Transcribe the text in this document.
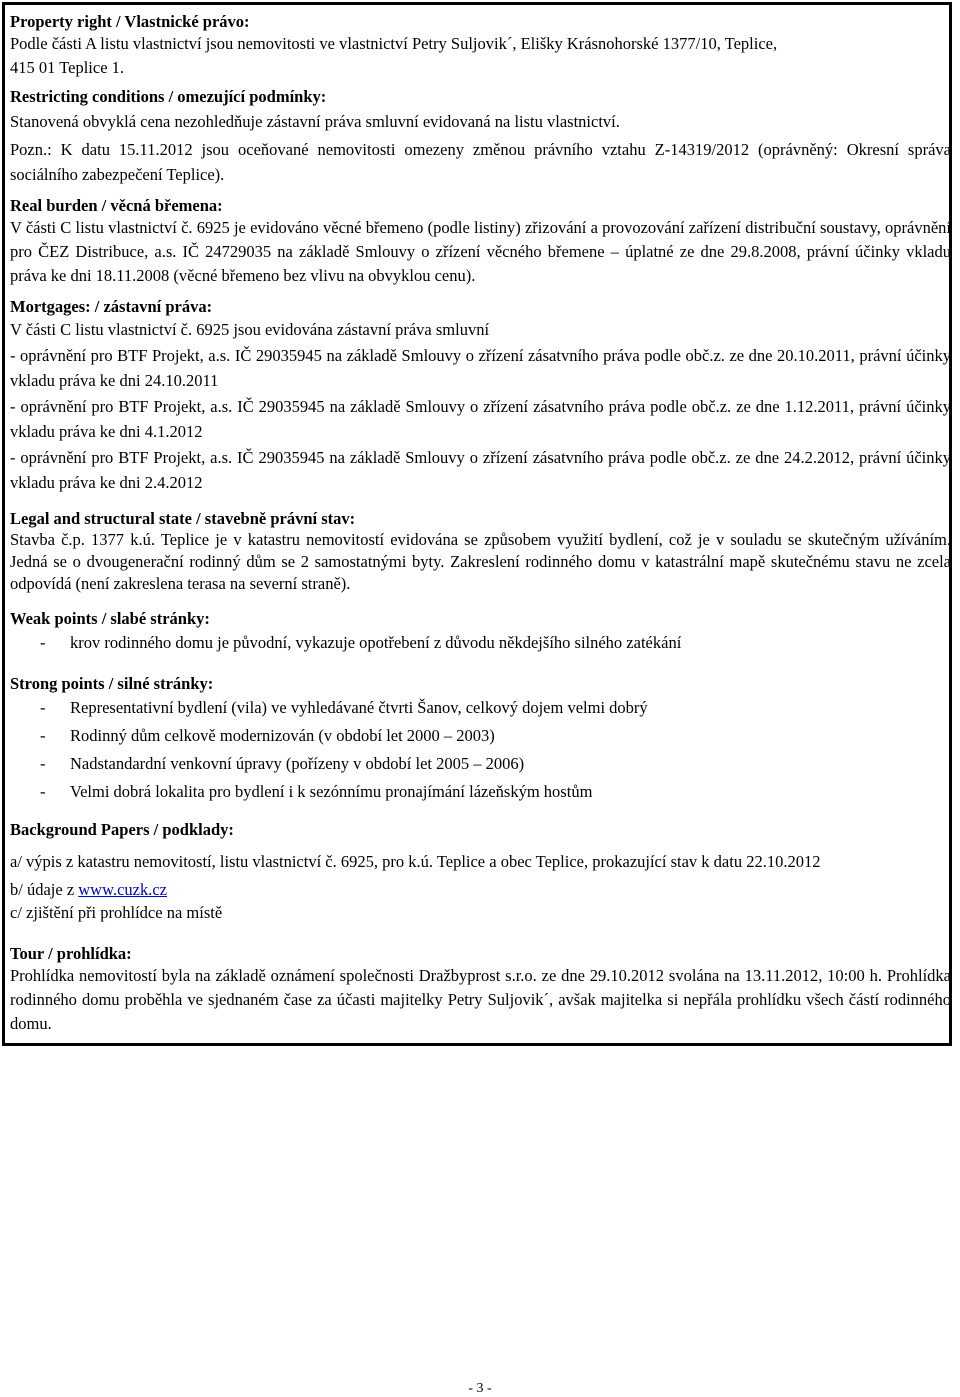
Property right / Vlastnické právo:

Podle části A listu vlastnictví jsou nemovitosti ve vlastnictví Petry Suljovik´, Elišky Krásnohorské 1377/10, Teplice,

415 01 Teplice 1.

Restricting conditions / omezující podmínky:

Stanovená obvyklá cena nezohledňuje zástavní práva smluvní evidovaná na listu vlastnictví.

Pozn.: K datu 15.11.2012 jsou oceňované nemovitosti omezeny změnou právního vztahu Z-14319/2012 (oprávněný: Okresní správa sociálního zabezpečení Teplice).

Real burden / věcná břemena:

V části C listu vlastnictví č. 6925 je evidováno věcné břemeno (podle listiny) zřizování a provozování zařízení distribuční soustavy, oprávnění pro ČEZ Distribuce, a.s. IČ 24729035 na základě Smlouvy o zřízení věcného břemene – úplatné ze dne 29.8.2008, právní účinky vkladu práva ke dni 18.11.2008 (věcné břemeno bez vlivu na obvyklou cenu).

Mortgages: / zástavní práva:

V části C listu vlastnictví č. 6925 jsou evidována zástavní práva smluvní

- oprávnění pro BTF Projekt, a.s. IČ 29035945 na základě Smlouvy o zřízení zásatvního práva podle obč.z. ze dne 20.10.2011, právní účinky vkladu práva ke dni 24.10.2011

- oprávnění pro BTF Projekt, a.s. IČ 29035945 na základě Smlouvy o zřízení zásatvního práva podle obč.z. ze dne 1.12.2011, právní účinky vkladu práva ke dni 4.1.2012

- oprávnění pro BTF Projekt, a.s. IČ 29035945 na základě Smlouvy o zřízení zásatvního práva podle obč.z. ze dne 24.2.2012, právní účinky vkladu práva ke dni 2.4.2012

Legal and structural state / stavebně právní stav:

Stavba č.p. 1377 k.ú. Teplice je v katastru nemovitostí evidována se způsobem využití bydlení, což je v souladu se skutečným užíváním. Jedná se o dvougenerační rodinný dům se 2 samostatnými byty. Zakreslení rodinného domu v katastrální mapě skutečnému stavu ne zcela odpovídá (není zakreslena terasa na severní straně).

Weak points / slabé stránky:

-	krov rodinného domu je původní, vykazuje opotřebení z důvodu někdejšího silného zatékání

Strong points / silné stránky:

-	Representativní bydlení (vila) ve vyhledávané čtvrti Šanov, celkový dojem velmi dobrý
-	Rodinný dům celkově modernizován (v období let 2000 – 2003)
-	Nadstandardní venkovní úpravy (pořízeny v období let 2005 – 2006)
-	Velmi dobrá lokalita pro bydlení i k sezónnímu pronajímání lázeňským hostům

Background Papers / podklady:

a/ výpis z katastru nemovitostí, listu vlastnictví č. 6925, pro k.ú. Teplice a obec Teplice, prokazující stav k datu 22.10.2012

b/ údaje z www.cuzk.cz

c/ zjištění při prohlídce na místě

Tour / prohlídka:

Prohlídka nemovitostí byla na základě oznámení společnosti Dražbyprost s.r.o. ze dne 29.10.2012 svolána na 13.11.2012, 10:00 h. Prohlídka rodinného domu proběhla ve sjednaném čase za účasti majitelky Petry Suljovik´, avšak majitelka si nepřála prohlídku všech částí rodinného domu.

- 3 -
